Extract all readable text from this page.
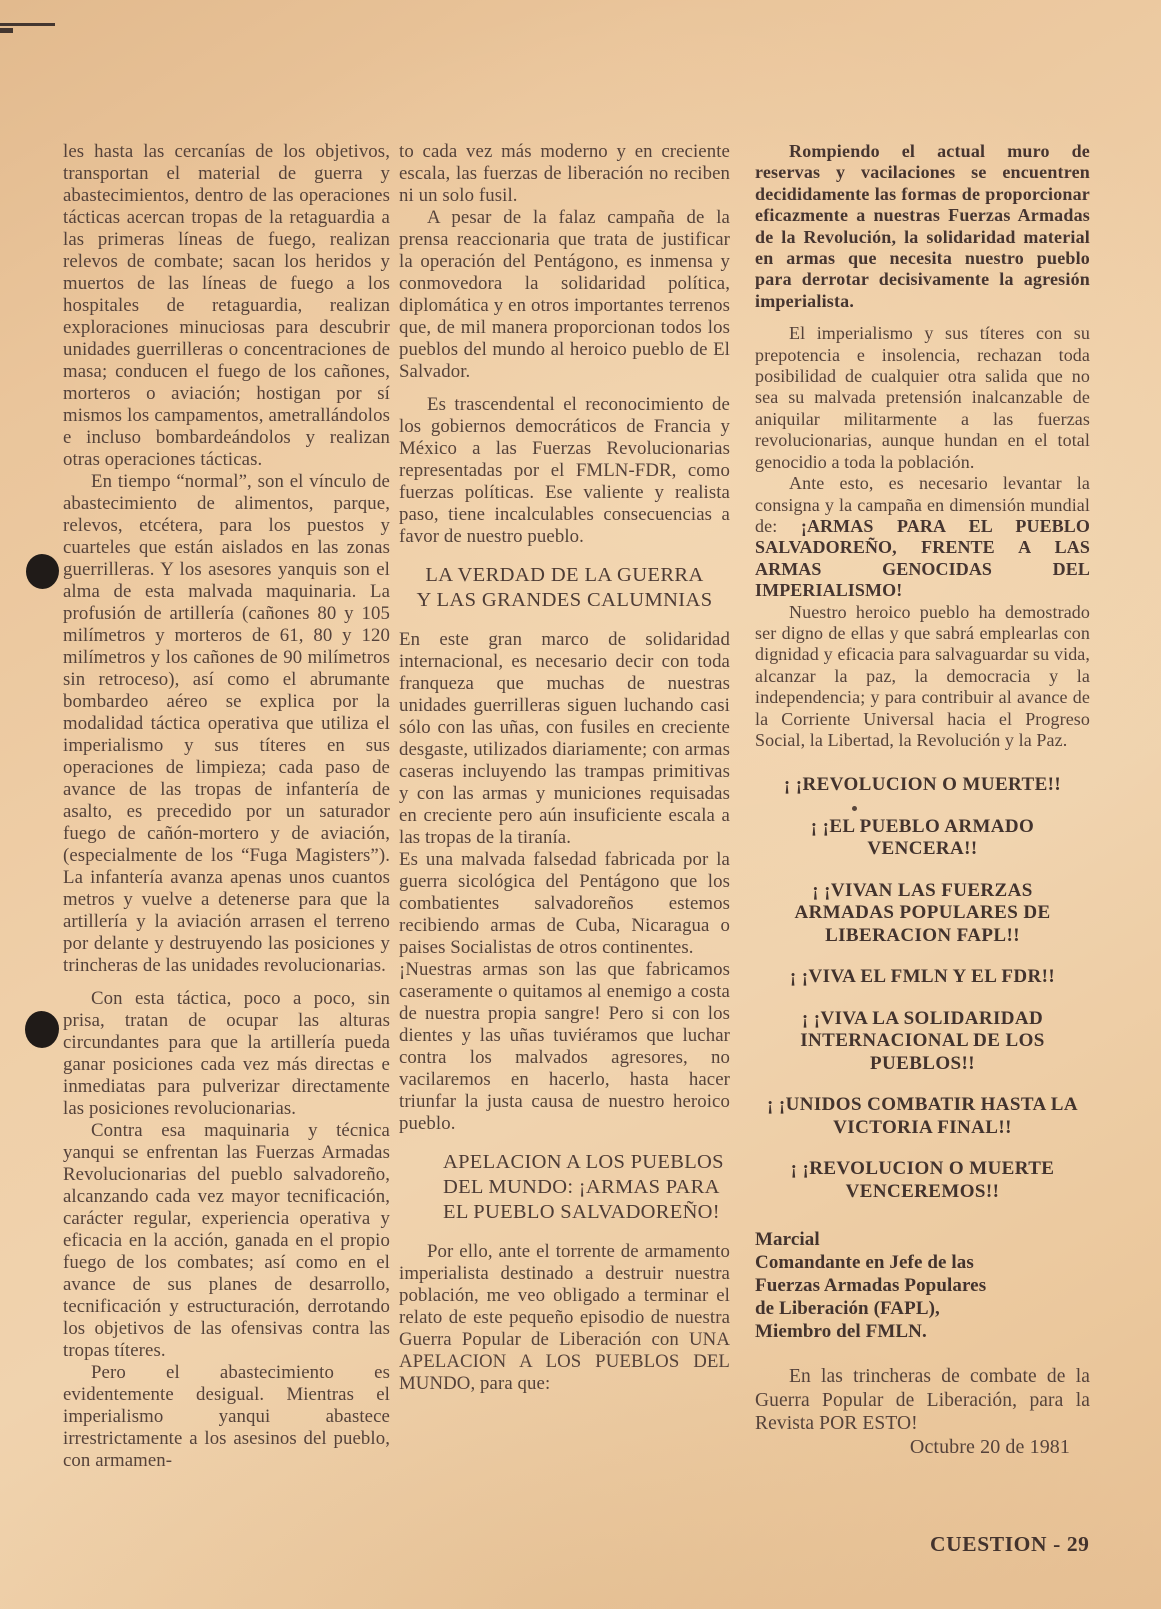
les hasta las cercanías de los objetivos, transportan el material de guerra y abastecimientos, dentro de las operaciones tácticas acercan tropas de la retaguardia a las primeras líneas de fuego, realizan relevos de combate; sacan los heridos y muertos de las líneas de fuego a los hospitales de retaguardia, realizan exploraciones minuciosas para descubrir unidades guerrilleras o concentraciones de masa; conducen el fuego de los cañones, morteros o aviación; hostigan por sí mismos los campamentos, ametrallándolos e incluso bombardeándolos y realizan otras operaciones tácticas.

En tiempo “normal”, son el vínculo de abastecimiento de alimentos, parque, relevos, etcétera, para los puestos y cuarteles que están aislados en las zonas guerrilleras. Y los asesores yanquis son el alma de esta malvada maquinaria. La profusión de artillería (cañones 80 y 105 milímetros y morteros de 61, 80 y 120 milímetros y los cañones de 90 milímetros sin retroceso), así como el abrumante bombardeo aéreo se explica por la modalidad táctica operativa que utiliza el imperialismo y sus títeres en sus operaciones de limpieza; cada paso de avance de las tropas de infantería de asalto, es precedido por un saturador fuego de cañón-mortero y de aviación, (especialmente de los “Fuga Magisters”). La infantería avanza apenas unos cuantos metros y vuelve a detenerse para que la artillería y la aviación arrasen el terreno por delante y destruyendo las posiciones y trincheras de las unidades revolucionarias.

Con esta táctica, poco a poco, sin prisa, tratan de ocupar las alturas circundantes para que la artillería pueda ganar posiciones cada vez más directas e inmediatas para pulverizar directamente las posiciones revolucionarias.

Contra esa maquinaria y técnica yanqui se enfrentan las Fuerzas Armadas Revolucionarias del pueblo salvadoreño, alcanzando cada vez mayor tecnificación, carácter regular, experiencia operativa y eficacia en la acción, ganada en el propio fuego de los combates; así como en el avance de sus planes de desarrollo, tecnificación y estructuración, derrotando los objetivos de las ofensivas contra las tropas títeres.

Pero el abastecimiento es evidentemente desigual. Mientras el imperialismo yanqui abastece irrestrictamente a los asesinos del pueblo, con armamen-

to cada vez más moderno y en creciente escala, las fuerzas de liberación no reciben ni un solo fusil.

A pesar de la falaz campaña de la prensa reaccionaria que trata de justificar la operación del Pentágono, es inmensa y conmovedora la solidaridad política, diplomática y en otros importantes terrenos que, de mil manera proporcionan todos los pueblos del mundo al heroico pueblo de El Salvador.

Es trascendental el reconocimiento de los gobiernos democráticos de Francia y México a las Fuerzas Revolucionarias representadas por el FMLN-FDR, como fuerzas políticas. Ese valiente y realista paso, tiene incalculables consecuencias a favor de nuestro pueblo.

LA VERDAD DE LA GUERRA
Y LAS GRANDES CALUMNIAS

En este gran marco de solidaridad internacional, es necesario decir con toda franqueza que muchas de nuestras unidades guerrilleras siguen luchando casi sólo con las uñas, con fusiles en creciente desgaste, utilizados diariamente; con armas caseras incluyendo las trampas primitivas y con las armas y municiones requisadas en creciente pero aún insuficiente escala a las tropas de la tiranía.

Es una malvada falsedad fabricada por la guerra sicológica del Pentágono que los combatientes salvadoreños estemos recibiendo armas de Cuba, Nicaragua o paises Socialistas de otros continentes.

¡Nuestras armas son las que fabricamos caseramente o quitamos al enemigo a costa de nuestra propia sangre! Pero si con los dientes y las uñas tuviéramos que luchar contra los malvados agresores, no vacilaremos en hacerlo, hasta hacer triunfar la justa causa de nuestro heroico pueblo.

APELACION A LOS PUEBLOS
DEL MUNDO: ¡ARMAS PARA
EL PUEBLO SALVADOREÑO!

Por ello, ante el torrente de armamento imperialista destinado a destruir nuestra población, me veo obligado a terminar el relato de este pequeño episodio de nuestra Guerra Popular de Liberación con UNA APELACION A LOS PUEBLOS DEL MUNDO, para que:

Rompiendo el actual muro de reservas y vacilaciones se encuentren decididamente las formas de proporcionar eficazmente a nuestras Fuerzas Armadas de la Revolución, la solidaridad material en armas que necesita nuestro pueblo para derrotar decisivamente la agresión imperialista.

El imperialismo y sus títeres con su prepotencia e insolencia, rechazan toda posibilidad de cualquier otra salida que no sea su malvada pretensión inalcanzable de aniquilar militarmente a las fuerzas revolucionarias, aunque hundan en el total genocidio a toda la población.

Ante esto, es necesario levantar la consigna y la campaña en dimensión mundial de: ¡ARMAS PARA EL PUEBLO SALVADOREÑO, FRENTE A LAS ARMAS GENOCIDAS DEL IMPERIALISMO!

Nuestro heroico pueblo ha demostrado ser digno de ellas y que sabrá emplearlas con dignidad y eficacia para salvaguardar su vida, alcanzar la paz, la democracia y la independencia; y para contribuir al avance de la Corriente Universal hacia el Progreso Social, la Libertad, la Revolución y la Paz.

¡ ¡REVOLUCION O MUERTE!!
¡ ¡EL PUEBLO ARMADO VENCERA!!
¡ ¡VIVAN LAS FUERZAS ARMADAS POPULARES DE LIBERACION FAPL!!
¡ ¡VIVA EL FMLN Y EL FDR!!
¡ ¡VIVA LA SOLIDARIDAD INTERNACIONAL DE LOS PUEBLOS!!
¡ ¡UNIDOS COMBATIR HASTA LA VICTORIA FINAL!!
¡ ¡REVOLUCION O MUERTE VENCEREMOS!!
Marcial
Comandante en Jefe de las
Fuerzas Armadas Populares
de Liberación (FAPL),
Miembro del FMLN.

En las trincheras de combate de la Guerra Popular de Liberación, para la Revista POR ESTO!

Octubre 20 de 1981
CUESTION - 29
